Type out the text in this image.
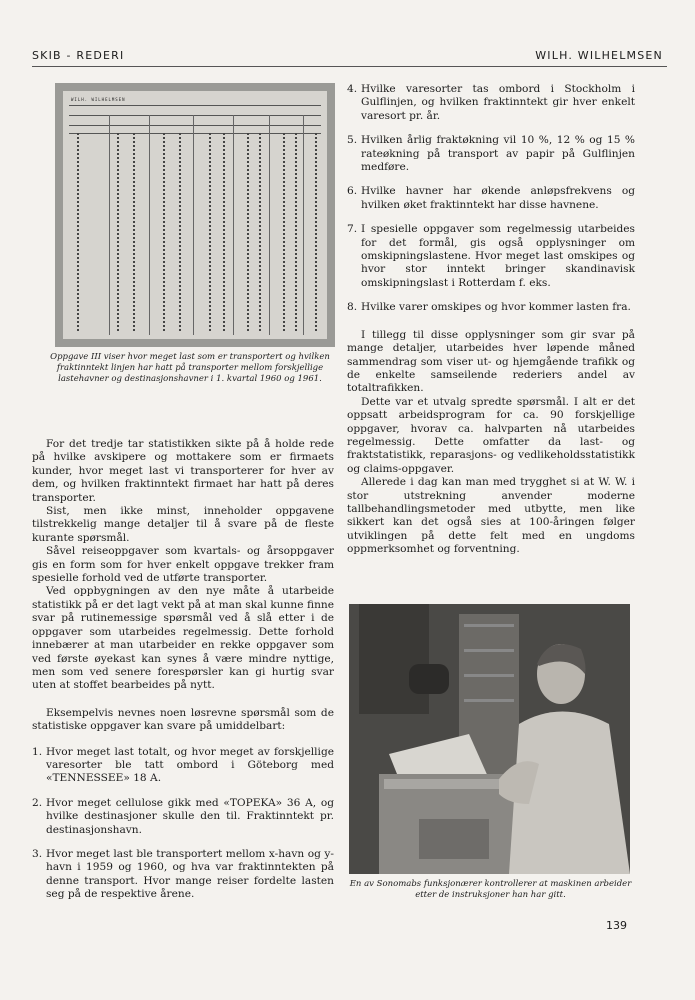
SKIB - REDERI	WILH. WILHELMSEN
WILH. WILHELMSEN
Oppgave III viser hvor meget last som er transportert og hvilken fraktinntekt linjen har hatt på transporter mellom forskjellige lastehavner og destinasjonshavner i 1. kvartal 1960 og 1961.

For det tredje tar statistikken sikte på å holde rede på hvilke avskipere og mottakere som er firmaets kunder, hvor meget last vi transporterer for hver av dem, og hvilken fraktinntekt firmaet har hatt på deres transporter.

Sist, men ikke minst, inneholder oppgavene tilstrekkelig mange detaljer til å svare på de fleste kurante spørsmål.

Såvel reiseoppgaver som kvartals- og årsoppgaver gis en form som for hver enkelt oppgave trekker fram spesielle forhold ved de utførte transporter.

Ved oppbygningen av den nye måte å utarbeide statistikk på er det lagt vekt på at man skal kunne finne svar på rutinemessige spørsmål ved å slå etter i de oppgaver som utarbeides regelmessig. Dette forhold innebærer at man utarbeider en rekke oppgaver som ved første øyekast kan synes å være mindre nyttige, men som ved senere forespørsler kan gi hurtig svar uten at stoffet bearbeides på nytt.

Eksempelvis nevnes noen løsrevne spørsmål som de statistiske oppgaver kan svare på umiddelbart:

1. Hvor meget last totalt, og hvor meget av forskjellige varesorter ble tatt ombord i Göteborg med «TENNESSEE» 18 A.
2. Hvor meget cellulose gikk med «TOPEKA» 36 A, og hvilke destinasjoner skulle den til. Fraktinntekt pr. destinasjonshavn.
3. Hvor meget last ble transportert mellom x-havn og y-havn i 1959 og 1960, og hva var fraktinntekten på denne transport. Hvor mange reiser fordelte lasten seg på de respektive årene.
4. Hvilke varesorter tas ombord i Stockholm i Gulflinjen, og hvilken fraktinntekt gir hver enkelt varesort pr. år.
5. Hvilken årlig fraktøkning vil 10 %, 12 % og 15 % rateøkning på transport av papir på Gulflinjen medføre.
6. Hvilke havner har økende anløpsfrekvens og hvilken øket fraktinntekt har disse havnene.
7. I spesielle oppgaver som regelmessig utarbeides for det formål, gis også opplysninger om omskipningslastene. Hvor meget last omskipes og hvor stor inntekt bringer skandinavisk omskipningslast i Rotterdam f. eks.
8. Hvilke varer omskipes og hvor kommer lasten fra.

I tillegg til disse opplysninger som gir svar på mange detaljer, utarbeides hver løpende måned sammendrag som viser ut- og hjemgående trafikk og de enkelte samseilende rederiers andel av totaltrafikken.

Dette var et utvalg spredte spørsmål. I alt er det oppsatt arbeidsprogram for ca. 90 forskjellige oppgaver, hvorav ca. halvparten nå utarbeides regelmessig. Dette omfatter da last- og fraktstatistikk, reparasjons- og vedlikeholdsstatistikk og claims-oppgaver.

Allerede i dag kan man med trygghet si at W. W. i stor utstrekning anvender moderne tallbehandlingsmetoder med utbytte, men like sikkert kan det også sies at 100-åringen følger utviklingen på dette felt med en ungdoms oppmerksomhet og forventning.

En av Sonomabs funksjonærer kontrollerer at maskinen arbeider etter de instruksjoner han har gitt.
139
